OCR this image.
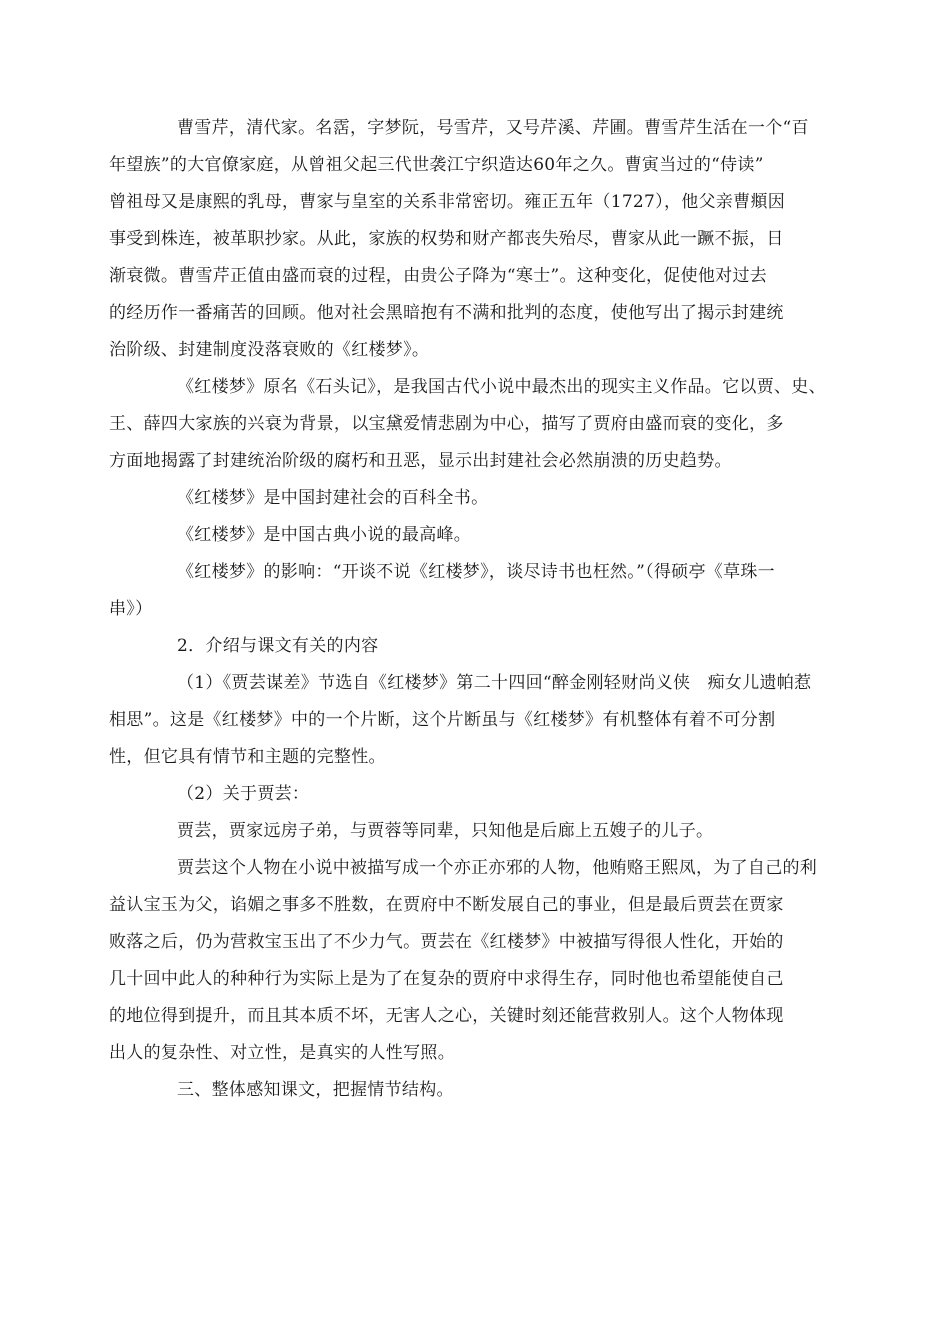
曹雪芹，清代家。名霑，字梦阮，号雪芹，又号芹溪、芹圃。曹雪芹生活在一个“百
年望族”的大官僚家庭，从曾祖父起三代世袭江宁织造达60年之久。曹寅当过的“侍读”
曾祖母又是康熙的乳母，曹家与皇室的关系非常密切。雍正五年（1727），他父亲曹頫因
事受到株连，被革职抄家。从此，家族的权势和财产都丧失殆尽，曹家从此一蹶不振，日
渐衰微。曹雪芹正值由盛而衰的过程，由贵公子降为“寒士”。这种变化，促使他对过去
的经历作一番痛苦的回顾。他对社会黑暗抱有不满和批判的态度，使他写出了揭示封建统
治阶级、封建制度没落衰败的《红楼梦》。

《红楼梦》原名《石头记》，是我国古代小说中最杰出的现实主义作品。它以贾、史、
王、薛四大家族的兴衰为背景，以宝黛爱情悲剧为中心，描写了贾府由盛而衰的变化，多
方面地揭露了封建统治阶级的腐朽和丑恶，显示出封建社会必然崩溃的历史趋势。

《红楼梦》是中国封建社会的百科全书。

《红楼梦》是中国古典小说的最高峰。

《红楼梦》的影响：“开谈不说《红楼梦》，谈尽诗书也枉然。”（得硕亭《草珠一
串》）

2．介绍与课文有关的内容

（1）《贾芸谋差》节选自《红楼梦》第二十四回“醉金刚轻财尚义侠　痴女儿遗帕惹
相思”。这是《红楼梦》中的一个片断，这个片断虽与《红楼梦》有机整体有着不可分割
性，但它具有情节和主题的完整性。

（2）关于贾芸：

贾芸，贾家远房子弟，与贾蓉等同辈，只知他是后廊上五嫂子的儿子。

贾芸这个人物在小说中被描写成一个亦正亦邪的人物，他贿赂王熙凤，为了自己的利
益认宝玉为父，谄媚之事多不胜数，在贾府中不断发展自己的事业，但是最后贾芸在贾家
败落之后，仍为营救宝玉出了不少力气。贾芸在《红楼梦》中被描写得很人性化，开始的
几十回中此人的种种行为实际上是为了在复杂的贾府中求得生存，同时他也希望能使自己
的地位得到提升，而且其本质不坏，无害人之心，关键时刻还能营救别人。这个人物体现
出人的复杂性、对立性，是真实的人性写照。

三、整体感知课文，把握情节结构。
